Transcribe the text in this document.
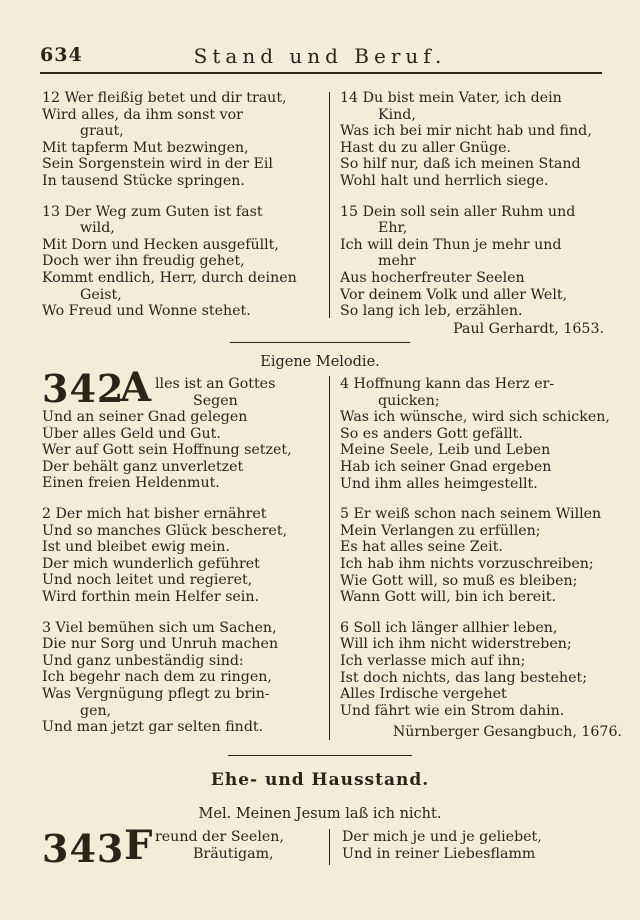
634	Stand und Beruf.
12 Wer fleißig betet und dir traut,
Wird alles, da ihm sonst vor
graut,
Mit tapferm Mut bezwingen,
Sein Sorgenstein wird in der Eil
In tausend Stücke springen.
13 Der Weg zum Guten ist fast
wild,
Mit Dorn und Hecken ausgefüllt,
Doch wer ihn freudig gehet,
Kommt endlich, Herr, durch deinen
Geist,
Wo Freud und Wonne stehet.
14 Du bist mein Vater, ich dein
Kind,
Was ich bei mir nicht hab und find,
Hast du zu aller Gnüge.
So hilf nur, daß ich meinen Stand
Wohl halt und herrlich siege.
15 Dein soll sein aller Ruhm und
Ehr,
Ich will dein Thun je mehr und
mehr
Aus hocherfreuter Seelen
Vor deinem Volk und aller Welt,
So lang ich leb, erzählen.
Paul Gerhardt, 1653.
Eigene Melodie.
342
A lles ist an Gottes
Segen
Und an seiner Gnad gelegen
Über alles Geld und Gut.
Wer auf Gott sein Hoffnung setzet,
Der behält ganz unverletzet
Einen freien Heldenmut.
2 Der mich hat bisher ernähret
Und so manches Glück bescheret,
Ist und bleibet ewig mein.
Der mich wunderlich geführet
Und noch leitet und regieret,
Wird forthin mein Helfer sein.
3 Viel bemühen sich um Sachen,
Die nur Sorg und Unruh machen
Und ganz unbeständig sind:
Ich begehr nach dem zu ringen,
Was Vergnügung pflegt zu brin-
gen,
Und man jetzt gar selten findt.
4 Hoffnung kann das Herz er-
quicken;
Was ich wünsche, wird sich schicken,
So es anders Gott gefällt.
Meine Seele, Leib und Leben
Hab ich seiner Gnad ergeben
Und ihm alles heimgestellt.
5 Er weiß schon nach seinem Willen
Mein Verlangen zu erfüllen;
Es hat alles seine Zeit.
Ich hab ihm nichts vorzuschreiben;
Wie Gott will, so muß es bleiben;
Wann Gott will, bin ich bereit.
6 Soll ich länger allhier leben,
Will ich ihm nicht widerstreben;
Ich verlasse mich auf ihn;
Ist doch nichts, das lang bestehet;
Alles Irdische vergehet
Und fährt wie ein Strom dahin.
Nürnberger Gesangbuch, 1676.
Ehe- und Hausstand.
Mel. Meinen Jesum laß ich nicht.
343 F reund der Seelen,
Bräutigam,
Der mich je und je geliebet,
Und in reiner Liebesflamm
